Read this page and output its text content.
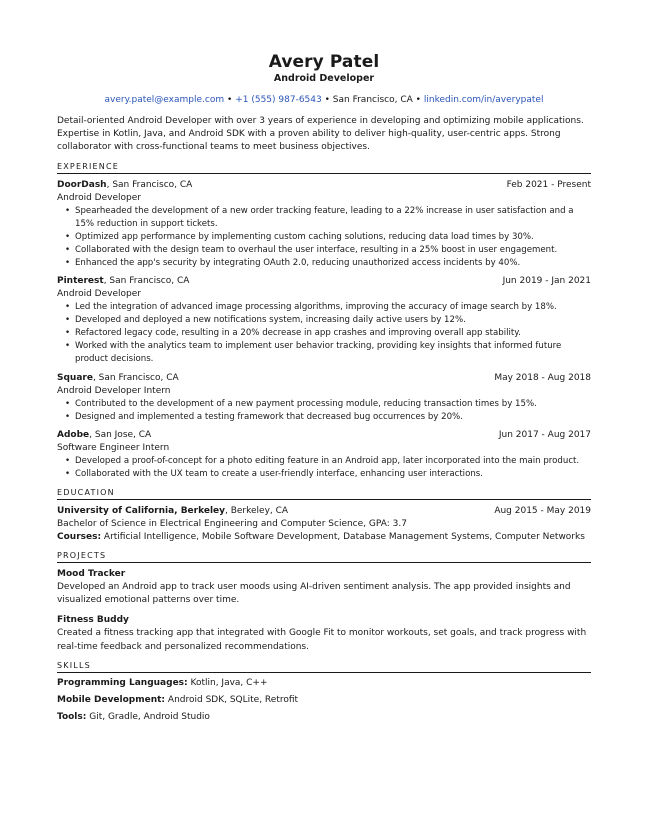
Avery Patel
Android Developer
avery.patel@example.com • +1 (555) 987-6543 • San Francisco, CA • linkedin.com/in/averypatel
Detail-oriented Android Developer with over 3 years of experience in developing and optimizing mobile applications. Expertise in Kotlin, Java, and Android SDK with a proven ability to deliver high-quality, user-centric apps. Strong collaborator with cross-functional teams to meet business objectives.
EXPERIENCE
DoorDash, San Francisco, CA	Feb 2021 - Present
Android Developer
• Spearheaded the development of a new order tracking feature, leading to a 22% increase in user satisfaction and a 15% reduction in support tickets.
• Optimized app performance by implementing custom caching solutions, reducing data load times by 30%.
• Collaborated with the design team to overhaul the user interface, resulting in a 25% boost in user engagement.
• Enhanced the app's security by integrating OAuth 2.0, reducing unauthorized access incidents by 40%.
Pinterest, San Francisco, CA	Jun 2019 - Jan 2021
Android Developer
• Led the integration of advanced image processing algorithms, improving the accuracy of image search by 18%.
• Developed and deployed a new notifications system, increasing daily active users by 12%.
• Refactored legacy code, resulting in a 20% decrease in app crashes and improving overall app stability.
• Worked with the analytics team to implement user behavior tracking, providing key insights that informed future product decisions.
Square, San Francisco, CA	May 2018 - Aug 2018
Android Developer Intern
• Contributed to the development of a new payment processing module, reducing transaction times by 15%.
• Designed and implemented a testing framework that decreased bug occurrences by 20%.
Adobe, San Jose, CA	Jun 2017 - Aug 2017
Software Engineer Intern
• Developed a proof-of-concept for a photo editing feature in an Android app, later incorporated into the main product.
• Collaborated with the UX team to create a user-friendly interface, enhancing user interactions.
EDUCATION
University of California, Berkeley, Berkeley, CA	Aug 2015 - May 2019
Bachelor of Science in Electrical Engineering and Computer Science, GPA: 3.7
Courses: Artificial Intelligence, Mobile Software Development, Database Management Systems, Computer Networks
PROJECTS
Mood Tracker
Developed an Android app to track user moods using AI-driven sentiment analysis. The app provided insights and visualized emotional patterns over time.
Fitness Buddy
Created a fitness tracking app that integrated with Google Fit to monitor workouts, set goals, and track progress with real-time feedback and personalized recommendations.
SKILLS
Programming Languages: Kotlin, Java, C++
Mobile Development: Android SDK, SQLite, Retrofit
Tools: Git, Gradle, Android Studio
